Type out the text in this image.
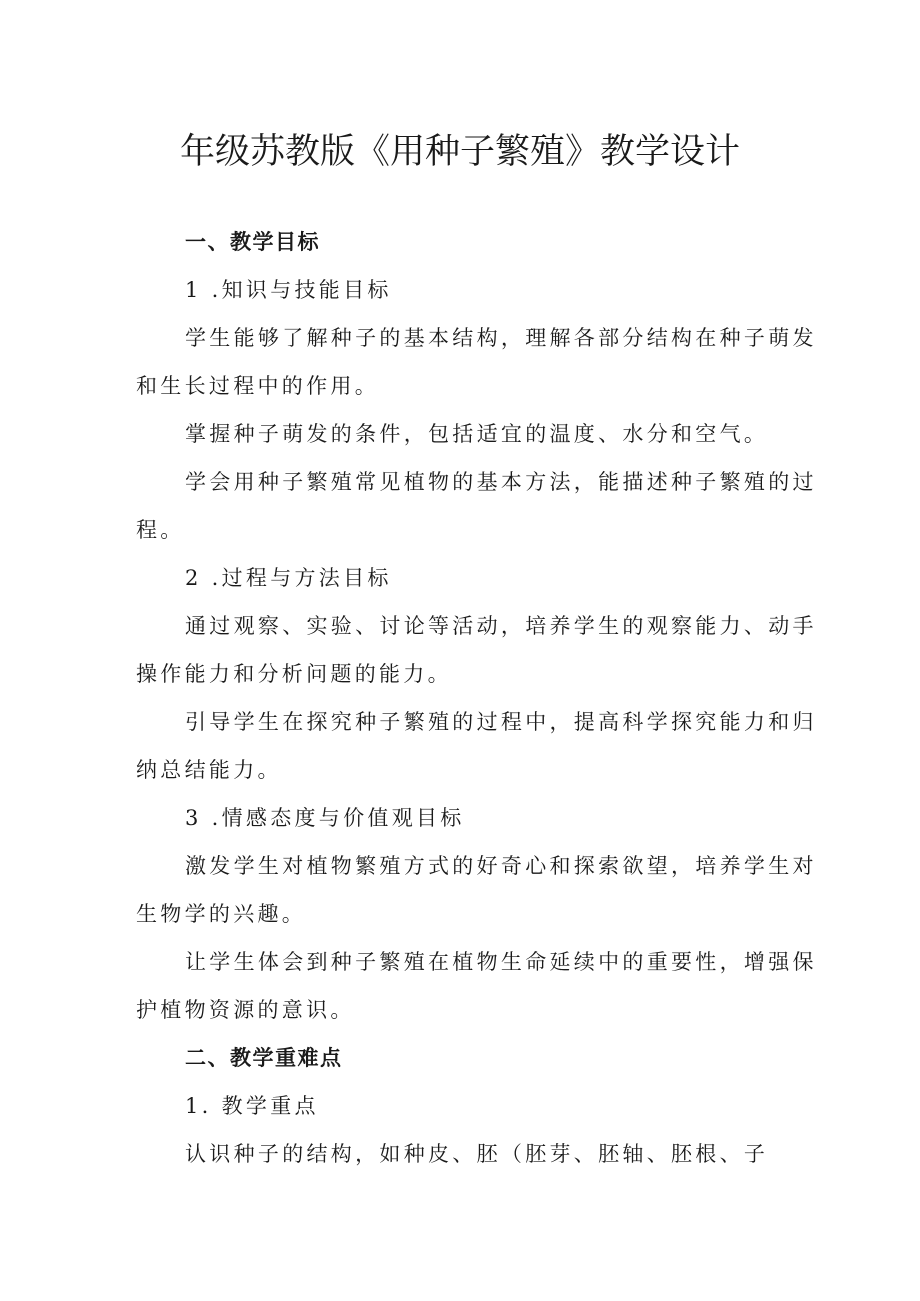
年级苏教版《用种子繁殖》教学设计
一、教学目标
1 .知识与技能目标
学生能够了解种子的基本结构，理解各部分结构在种子萌发
和生长过程中的作用。
掌握种子萌发的条件，包括适宜的温度、水分和空气。
学会用种子繁殖常见植物的基本方法，能描述种子繁殖的过
程。
2 .过程与方法目标
通过观察、实验、讨论等活动，培养学生的观察能力、动手
操作能力和分析问题的能力。
引导学生在探究种子繁殖的过程中，提高科学探究能力和归
纳总结能力。
3 .情感态度与价值观目标
激发学生对植物繁殖方式的好奇心和探索欲望，培养学生对
生物学的兴趣。
让学生体会到种子繁殖在植物生命延续中的重要性，增强保
护植物资源的意识。
二、教学重难点
1. 教学重点
认识种子的结构，如种皮、胚（胚芽、胚轴、胚根、子
